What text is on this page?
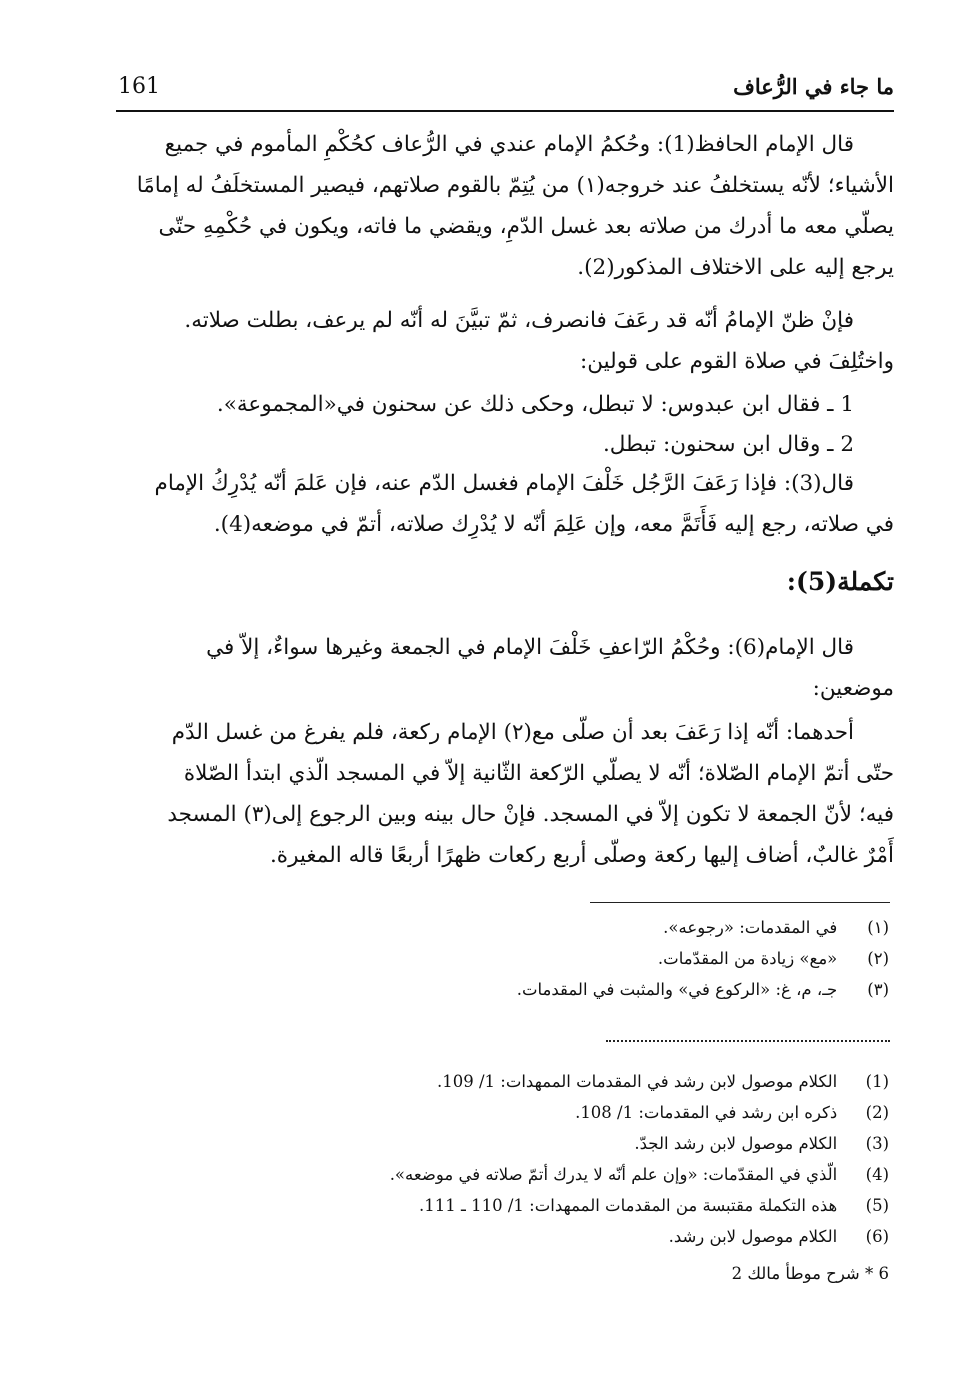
161	ما جاء في الرُّعاف
قال الإمام الحافظ(1): وحُكمُ الإمام عندي في الرُّعاف كحُكْمِ المأموم في جميع
الأشياء؛ لأنّه يستخلفُ عند خروجه(١) من يُتِمّ بالقوم صلاتهم، فيصير المستخلَفُ له إمامًا
يصلّي معه ما أدرك من صلاته بعد غسل الدّمِ، ويقضي ما فاته، ويكون في حُكْمِهِ حتّى
يرجع إليه على الاختلاف المذكور(2).
فإنْ ظنّ الإمامُ أنّه قد رعَفَ فانصرف، ثمّ تبيَّنَ له أنّه لم يرعف، بطلت صلاته.
واختُلِفَ في صلاة القوم على قولين:
1 ـ فقال ابن عبدوس: لا تبطل، وحكى ذلك عن سحنون في«المجموعة».
2 ـ وقال ابن سحنون: تبطل.
قال(3): فإذا رَعَفَ الرَّجُل خَلْفَ الإمام فغسل الدّم عنه، فإن عَلمَ أنّه يُدْرِكُ الإمام
في صلاته، رجع إليه فَأَتَمَّ معه، وإن عَلِمَ أنّه لا يُدْرِك صلاته، أتمّ في موضعه(4).
تكملة(5):
قال الإمام(6): وحُكْمُ الرّاعفِ خَلْفَ الإمام في الجمعة وغيرها سواءٌ، إلاّ في
موضعين:
أحدهما: أنّه إذا رَعَفَ بعد أن صلّى مع(٢) الإمام ركعة، فلم يفرغ من غسل الدّم
حتّى أتمّ الإمام الصّلاة؛ أنّه لا يصلّي الرّكعة الثّانية إلاّ في المسجد الّذي ابتدأ الصّلاة
فيه؛ لأنّ الجمعة لا تكون إلاّ في المسجد. فإنْ حال بينه وبين الرجوع إلى(٣) المسجد
أَمْرٌ غالبٌ، أضاف إليها ركعة وصلّى أربع ركعات ظهرًا أربعًا قاله المغيرة.
(١)   في المقدمات: «رجوعه».
(٢)   «مع» زيادة من المقدّمات.
(٣)   جـ، م، غ: «الركوع في» والمثبت في المقدمات.
(1)   الكلام موصول لابن رشد في المقدمات الممهدات: 1/ 109.
(2)   ذكره ابن رشد في المقدمات: 1/ 108.
(3)   الكلام موصول لابن رشد الجدّ.
(4)   الّذي في المقدّمات: «وإن علم أنّه لا يدرك أتمّ صلاته في موضعه».
(5)   هذه التكملة مقتبسة من المقدمات الممهدات: 1/ 110 ـ 111.
(6)   الكلام موصول لابن رشد.
6 * شرح موطأ مالك 2
